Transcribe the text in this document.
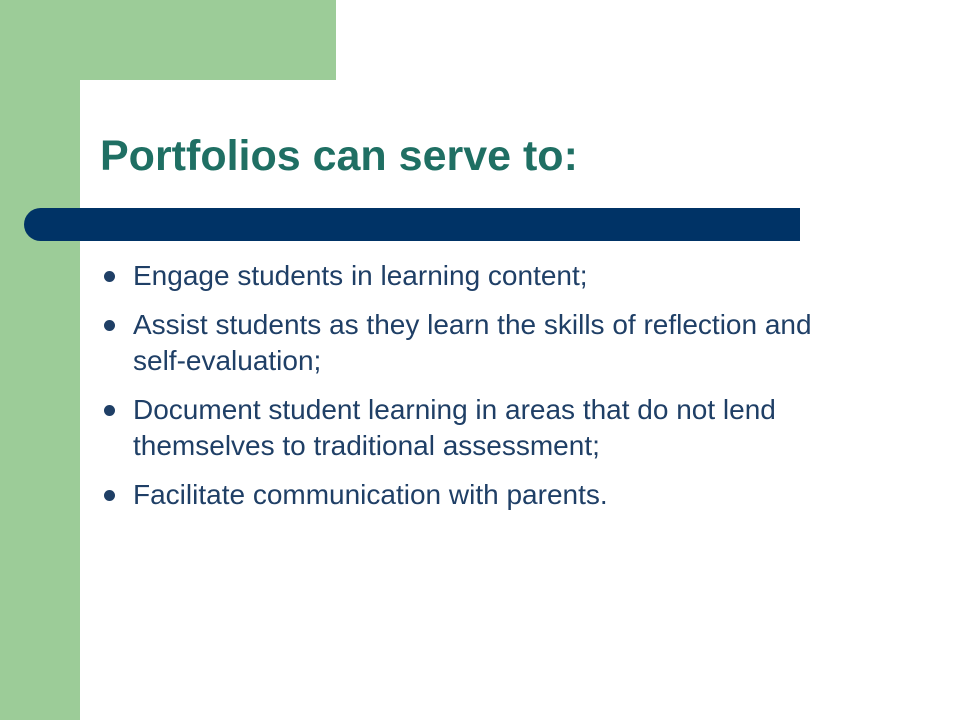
Portfolios can serve to:
Engage students in learning content;
Assist students as they learn the skills of reflection and self-evaluation;
Document student learning in areas that do not lend themselves to traditional assessment;
Facilitate communication with parents.
